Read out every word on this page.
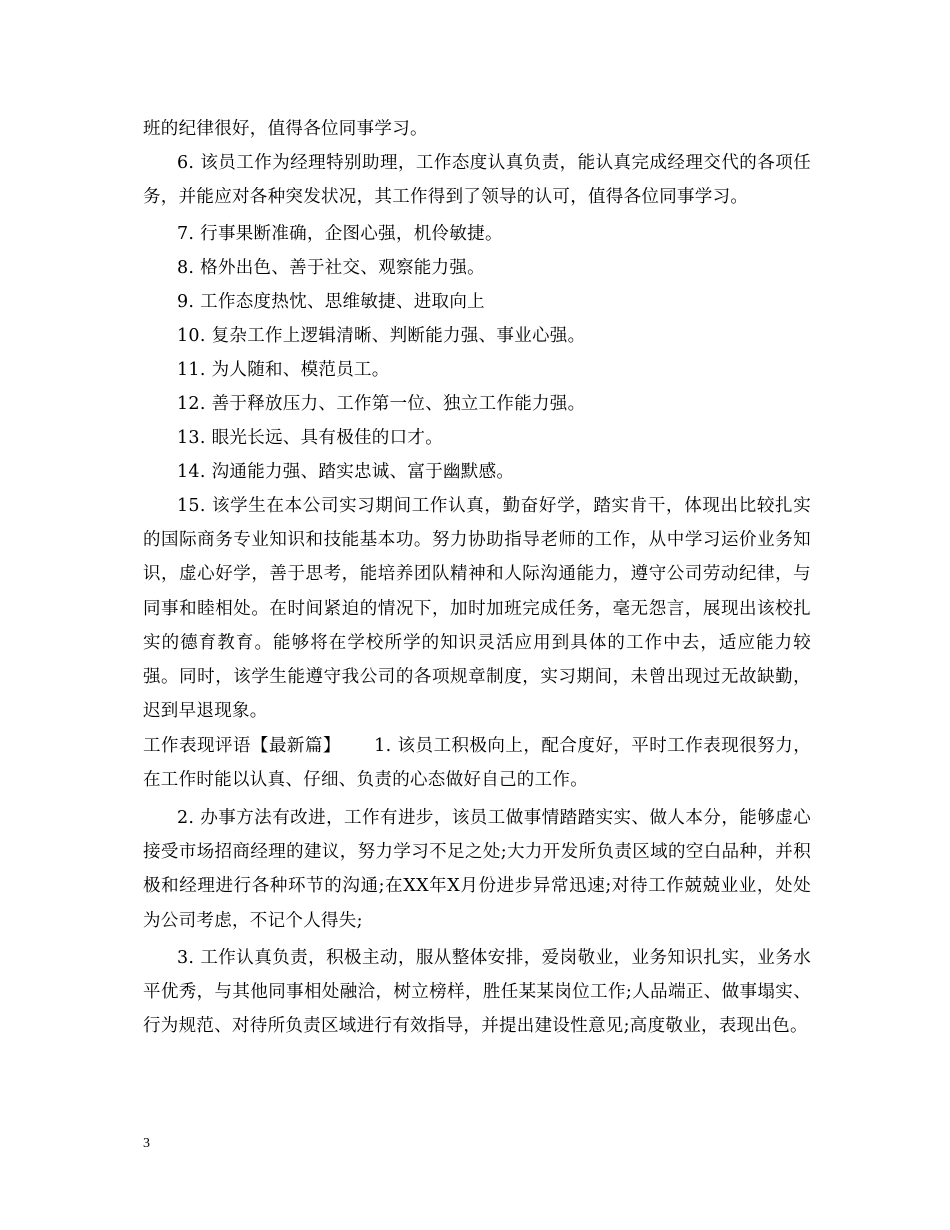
班的纪律很好，值得各位同事学习。

6. 该员工作为经理特别助理，工作态度认真负责，能认真完成经理交代的各项任务，并能应对各种突发状况，其工作得到了领导的认可，值得各位同事学习。

7. 行事果断准确，企图心强，机伶敏捷。

8. 格外出色、善于社交、观察能力强。

9. 工作态度热忱、思维敏捷、进取向上

10. 复杂工作上逻辑清晰、判断能力强、事业心强。

11. 为人随和、模范员工。

12. 善于释放压力、工作第一位、独立工作能力强。

13. 眼光长远、具有极佳的口才。

14. 沟通能力强、踏实忠诚、富于幽默感。

15. 该学生在本公司实习期间工作认真，勤奋好学，踏实肯干，体现出比较扎实的国际商务专业知识和技能基本功。努力协助指导老师的工作，从中学习运价业务知识，虚心好学，善于思考，能培养团队精神和人际沟通能力，遵守公司劳动纪律，与同事和睦相处。在时间紧迫的情况下，加时加班完成任务，毫无怨言，展现出该校扎实的德育教育。能够将在学校所学的知识灵活应用到具体的工作中去，适应能力较强。同时，该学生能遵守我公司的各项规章制度，实习期间，未曾出现过无故缺勤，迟到早退现象。

工作表现评语【最新篇】　　 1. 该员工积极向上，配合度好，平时工作表现很努力，在工作时能以认真、仔细、负责的心态做好自己的工作。

2. 办事方法有改进，工作有进步，该员工做事情踏踏实实、做人本分，能够虚心接受市场招商经理的建议，努力学习不足之处;大力开发所负责区域的空白品种，并积极和经理进行各种环节的沟通;在XX年X月份进步异常迅速;对待工作兢兢业业，处处为公司考虑，不记个人得失;

3. 工作认真负责，积极主动，服从整体安排，爱岗敬业，业务知识扎实，业务水平优秀，与其他同事相处融洽，树立榜样，胜任某某岗位工作;人品端正、做事塌实、行为规范、对待所负责区域进行有效指导，并提出建设性意见;高度敬业，表现出色。

3
